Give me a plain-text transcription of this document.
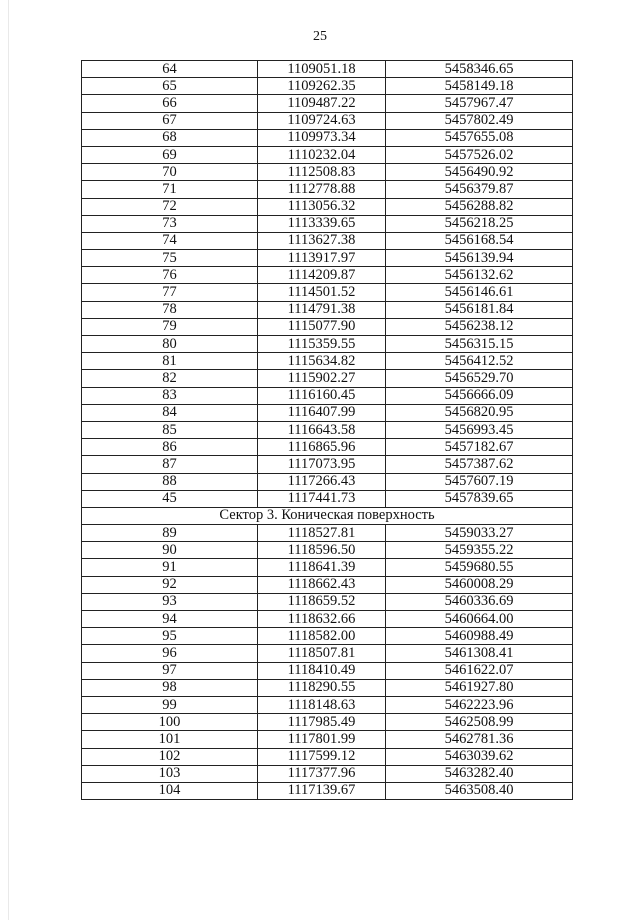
25
64	1109051.18	5458346.65
65	1109262.35	5458149.18
66	1109487.22	5457967.47
67	1109724.63	5457802.49
68	1109973.34	5457655.08
69	1110232.04	5457526.02
70	1112508.83	5456490.92
71	1112778.88	5456379.87
72	1113056.32	5456288.82
73	1113339.65	5456218.25
74	1113627.38	5456168.54
75	1113917.97	5456139.94
76	1114209.87	5456132.62
77	1114501.52	5456146.61
78	1114791.38	5456181.84
79	1115077.90	5456238.12
80	1115359.55	5456315.15
81	1115634.82	5456412.52
82	1115902.27	5456529.70
83	1116160.45	5456666.09
84	1116407.99	5456820.95
85	1116643.58	5456993.45
86	1116865.96	5457182.67
87	1117073.95	5457387.62
88	1117266.43	5457607.19
45	1117441.73	5457839.65
Сектор 3. Коническая поверхность		
89	1118527.81	5459033.27
90	1118596.50	5459355.22
91	1118641.39	5459680.55
92	1118662.43	5460008.29
93	1118659.52	5460336.69
94	1118632.66	5460664.00
95	1118582.00	5460988.49
96	1118507.81	5461308.41
97	1118410.49	5461622.07
98	1118290.55	5461927.80
99	1118148.63	5462223.96
100	1117985.49	5462508.99
101	1117801.99	5462781.36
102	1117599.12	5463039.62
103	1117377.96	5463282.40
104	1117139.67	5463508.40
